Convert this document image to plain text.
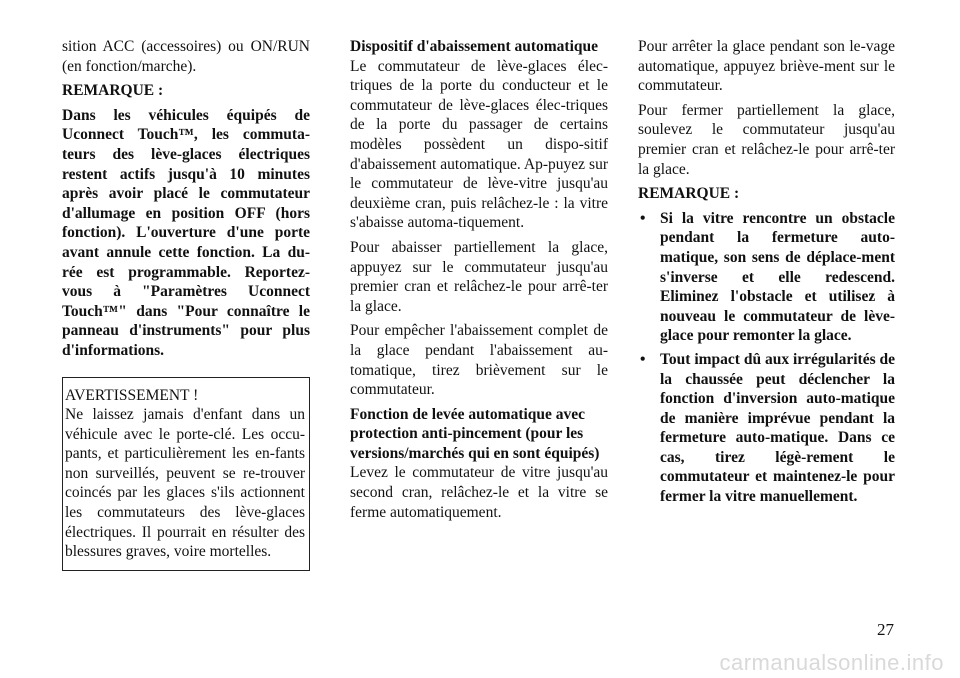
sition ACC (accessoires) ou ON/RUN (en fonction/marche).

REMARQUE :

Dans les véhicules équipés de Uconnect Touch™, les commuta-teurs des lève-glaces électriques restent actifs jusqu'à 10 minutes après avoir placé le commutateur d'allumage en position OFF (hors fonction). L'ouverture d'une porte avant annule cette fonction. La du-rée est programmable. Reportez-vous à "Paramètres Uconnect Touch™" dans "Pour connaître le panneau d'instruments" pour plus d'informations.

AVERTISSEMENT !

Ne laissez jamais d'enfant dans un véhicule avec le porte-clé. Les occu-pants, et particulièrement les en-fants non surveillés, peuvent se re-trouver coincés par les glaces s'ils actionnent les commutateurs des lève-glaces électriques. Il pourrait en résulter des blessures graves, voire mortelles.

Dispositif d'abaissement automatique

Le commutateur de lève-glaces élec-triques de la porte du conducteur et le commutateur de lève-glaces élec-triques de la porte du passager de certains modèles possèdent un dispo-sitif d'abaissement automatique. Ap-puyez sur le commutateur de lève-vitre jusqu'au deuxième cran, puis relâchez-le : la vitre s'abaisse automa-tiquement.

Pour abaisser partiellement la glace, appuyez sur le commutateur jusqu'au premier cran et relâchez-le pour arrê-ter la glace.

Pour empêcher l'abaissement complet de la glace pendant l'abaissement au-tomatique, tirez brièvement sur le commutateur.

Fonction de levée automatique avec protection anti-pincement (pour les versions/marchés qui en sont équipés)

Levez le commutateur de vitre jusqu'au second cran, relâchez-le et la vitre se ferme automatiquement.

Pour arrêter la glace pendant son le-vage automatique, appuyez briève-ment sur le commutateur.

Pour fermer partiellement la glace, soulevez le commutateur jusqu'au premier cran et relâchez-le pour arrê-ter la glace.

REMARQUE :

• Si la vitre rencontre un obstacle pendant la fermeture auto-matique, son sens de déplace-ment s'inverse et elle redescend. Eliminez l'obstacle et utilisez à nouveau le commutateur de lève-glace pour remonter la glace.
• Tout impact dû aux irrégularités de la chaussée peut déclencher la fonction d'inversion auto-matique de manière imprévue pendant la fermeture auto-matique. Dans ce cas, tirez légè-rement le commutateur et maintenez-le pour fermer la vitre manuellement.
27
carmanualsonline.info
